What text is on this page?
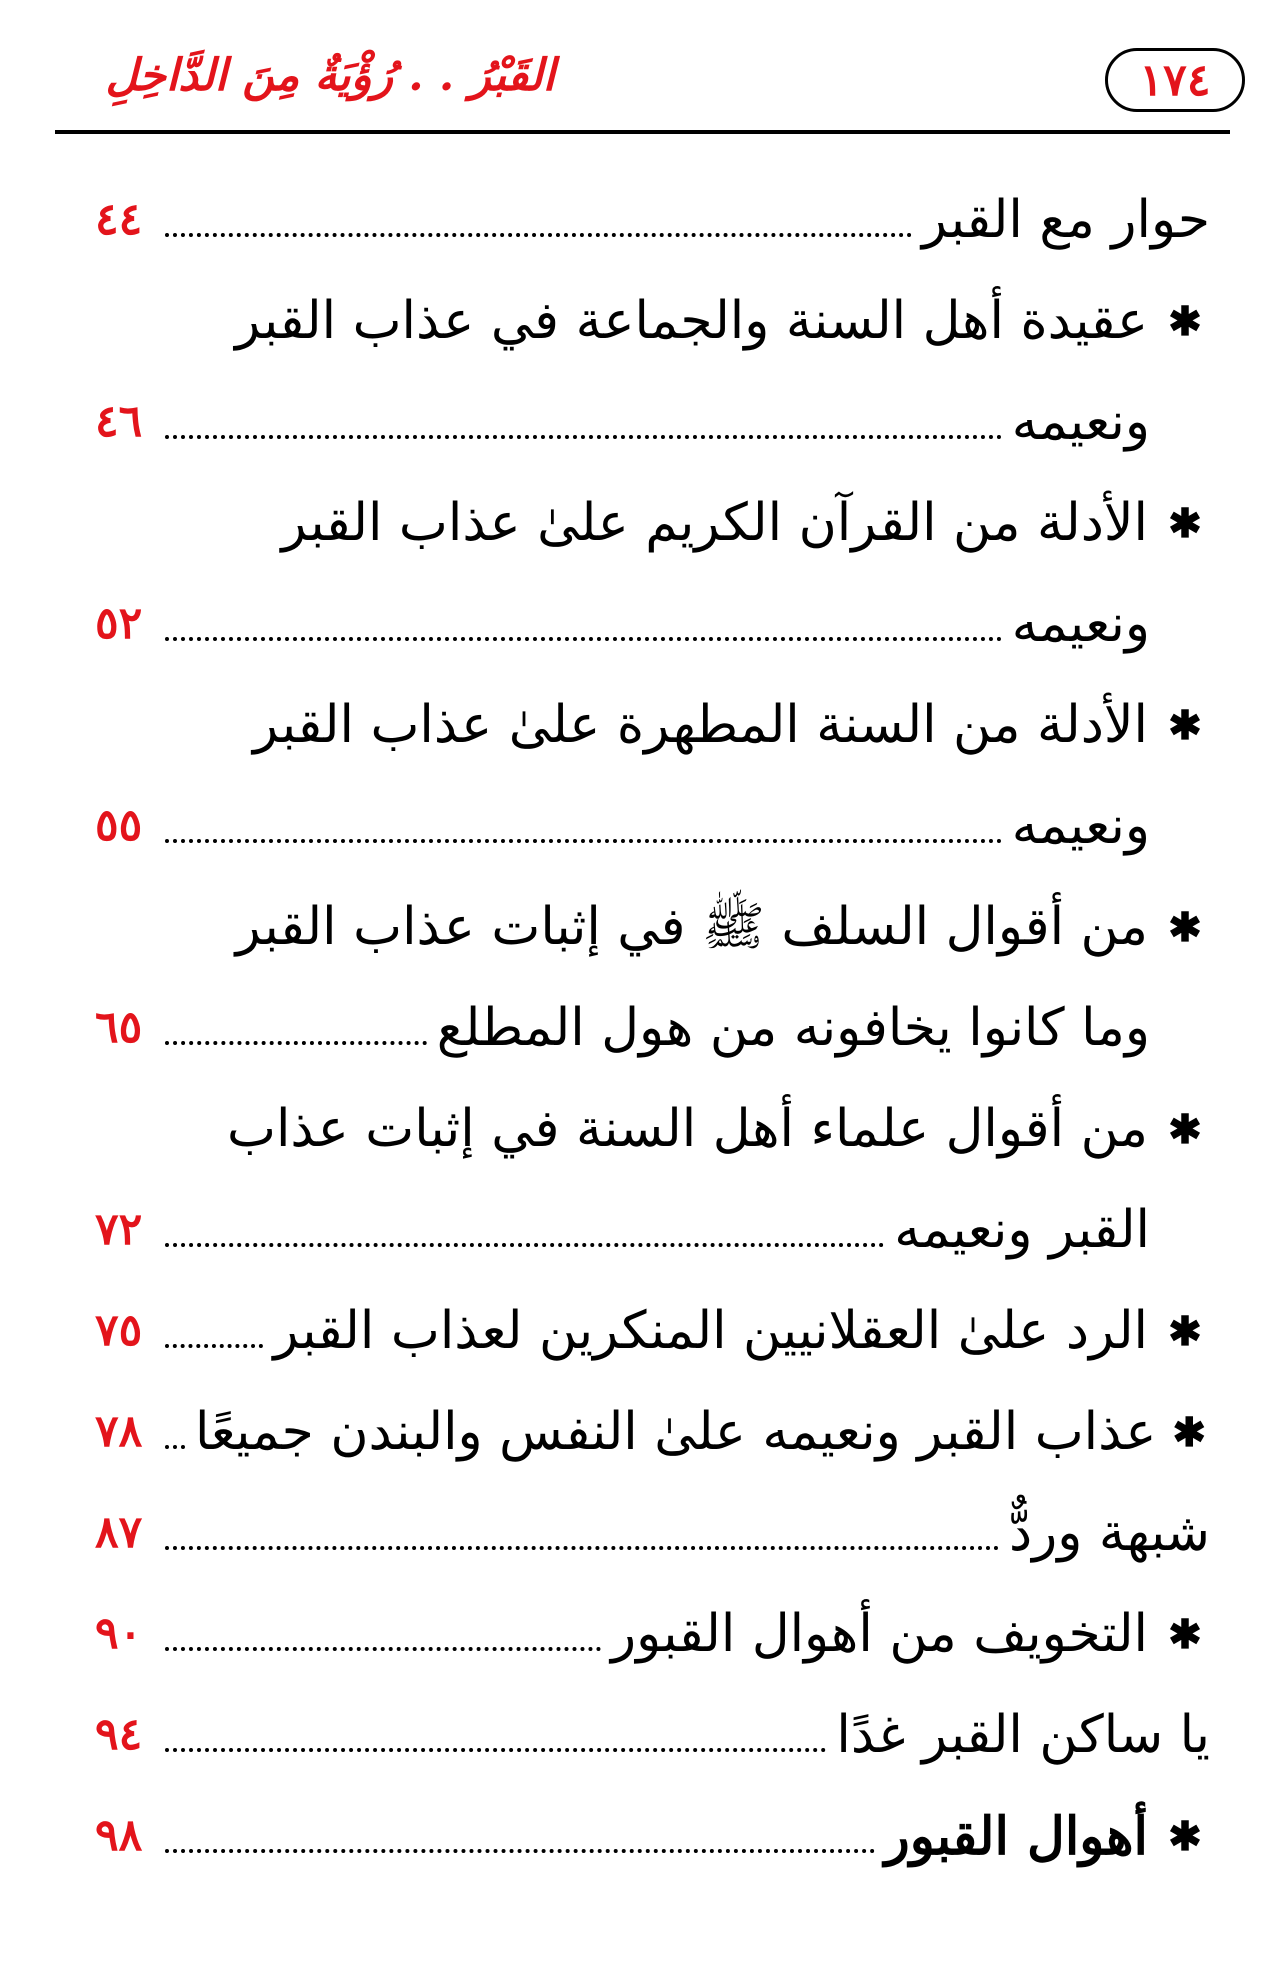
١٧٤
القَبْرُ . . رُؤْيَةٌ مِنَ الدَّاخِلِ
حوار مع القبر
٤٤
✱
عقيدة أهل السنة والجماعة في عذاب القبر
ونعيمه
٤٦
✱
الأدلة من القرآن الكريم علىٰ عذاب القبر
ونعيمه
٥٢
✱
الأدلة من السنة المطهرة علىٰ عذاب القبر
ونعيمه
٥٥
✱
من أقوال السلف ﷺ في إثبات عذاب القبر
وما كانوا يخافونه من هول المطلع
٦٥
✱
من أقوال علماء أهل السنة في إثبات عذاب
القبر ونعيمه
٧٢
✱
الرد علىٰ العقلانيين المنكرين لعذاب القبر
٧٥
✱
عذاب القبر ونعيمه علىٰ النفس والبندن جميعًا
٧٨
شبهة وردٌّ
٨٧
✱
التخويف من أهوال القبور
٩٠
يا ساكن القبر غدًا
٩٤
✱
أهوال القبور
٩٨
